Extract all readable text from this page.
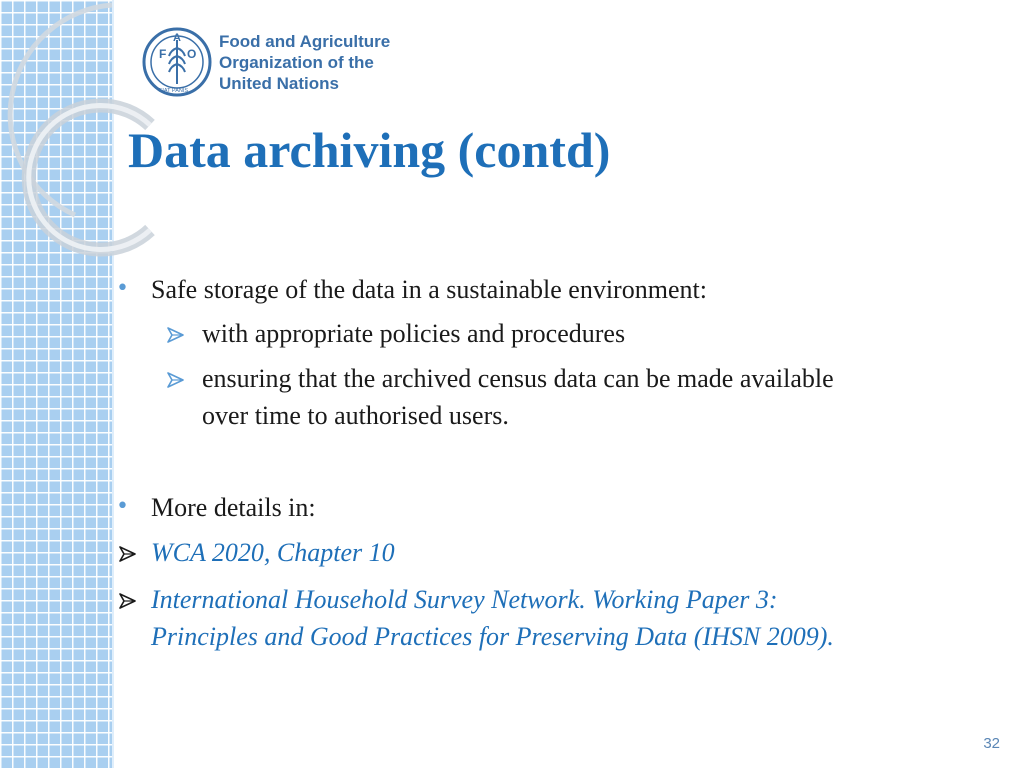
F
A
O
FIAT PANIS
Food and Agriculture
Organization of the
United Nations
Data archiving (contd)
• Safe storage of the data in a sustainable environment:
with appropriate policies and procedures
ensuring that the archived census data can be made available
over time to authorised users.
• More details in:
WCA 2020, Chapter 10
International Household Survey Network. Working Paper 3:
Principles and Good Practices for Preserving Data (IHSN 2009).
32
